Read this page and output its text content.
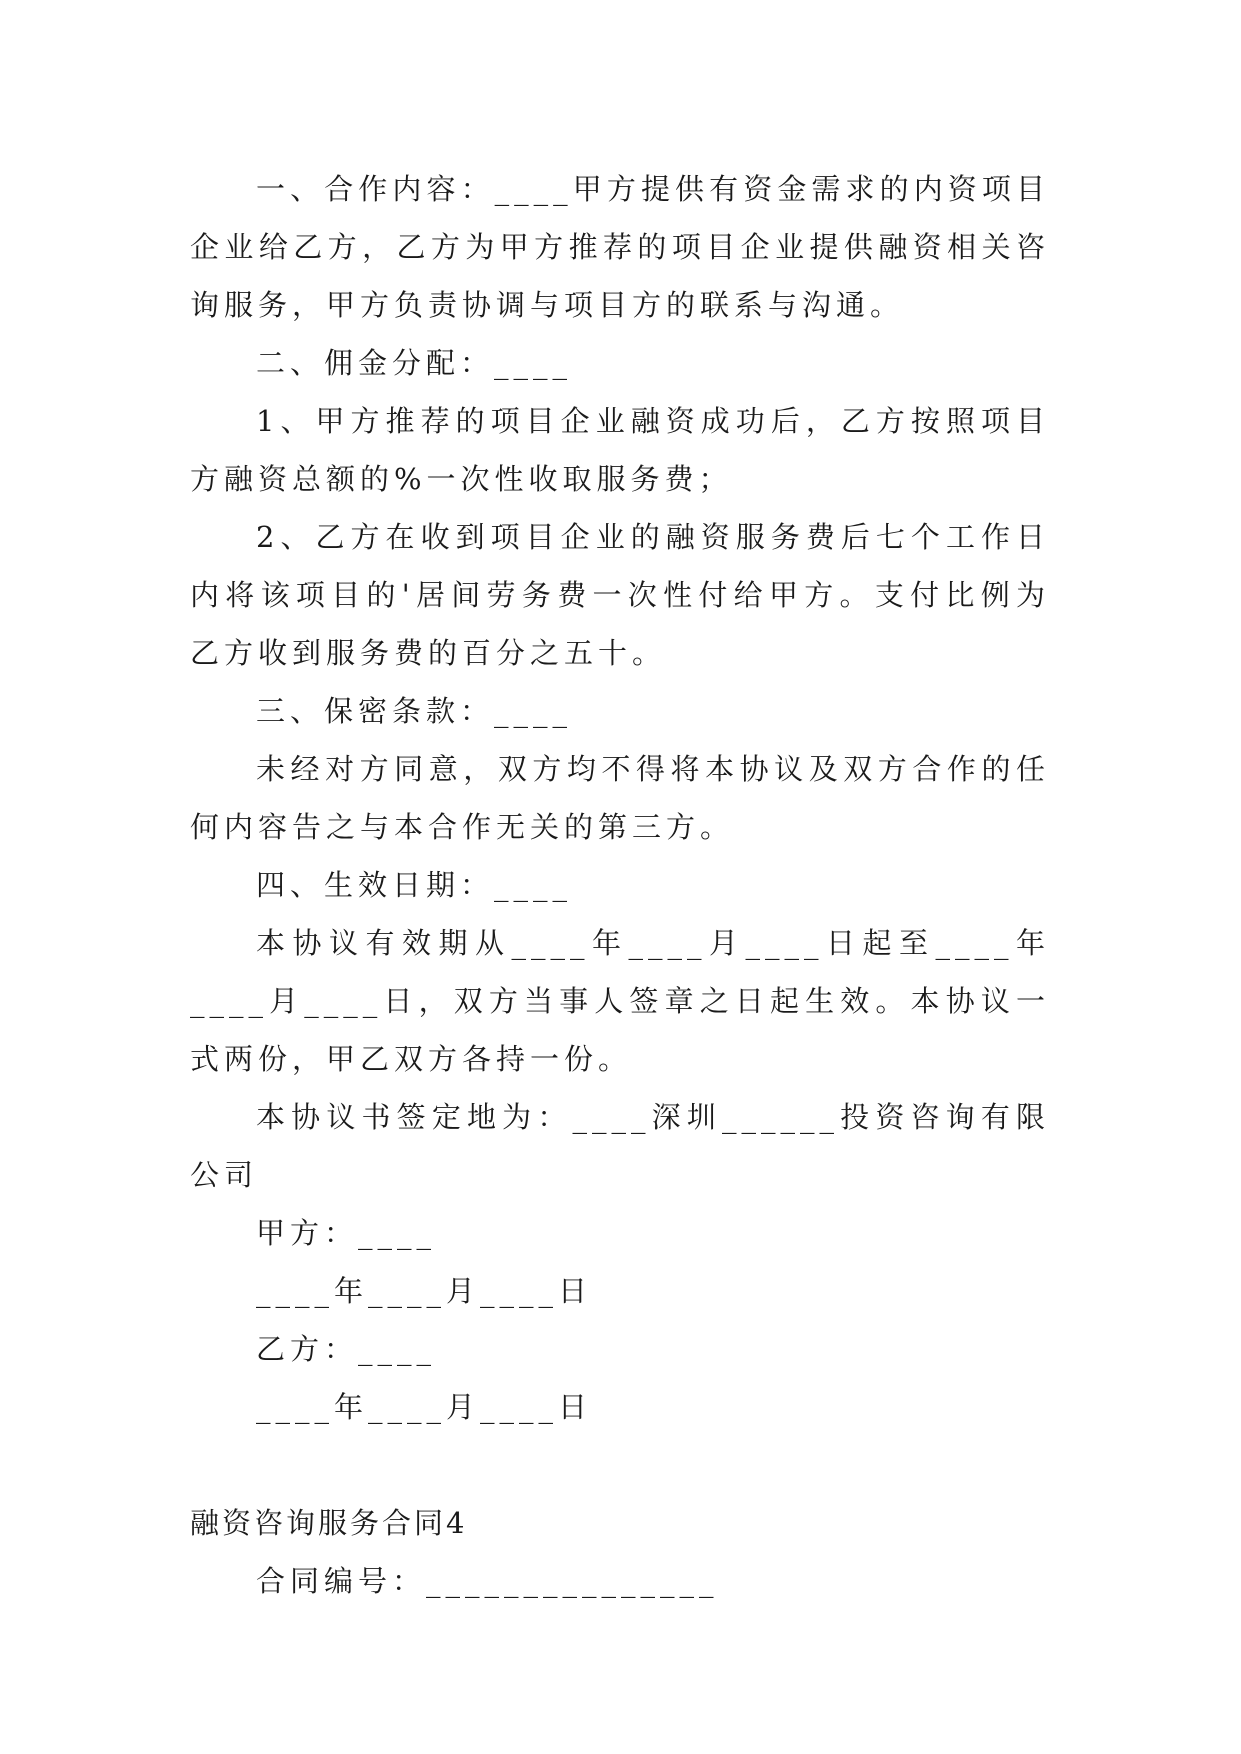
一、合作内容：____甲方提供有资金需求的内资项目企业给乙方，乙方为甲方推荐的项目企业提供融资相关咨询服务，甲方负责协调与项目方的联系与沟通。

二、佣金分配：____

1、甲方推荐的项目企业融资成功后，乙方按照项目方融资总额的%一次性收取服务费；

2、乙方在收到项目企业的融资服务费后七个工作日内将该项目的'居间劳务费一次性付给甲方。支付比例为乙方收到服务费的百分之五十。

三、保密条款：____

未经对方同意，双方均不得将本协议及双方合作的任何内容告之与本合作无关的第三方。

四、生效日期：____

本协议有效期从____年____月____日起至____年____月____日，双方当事人签章之日起生效。本协议一式两份，甲乙双方各持一份。

本协议书签定地为：____深圳______投资咨询有限公司

甲方：____

____年____月____日

乙方：____

____年____月____日

融资咨询服务合同4

合同编号：_______________
